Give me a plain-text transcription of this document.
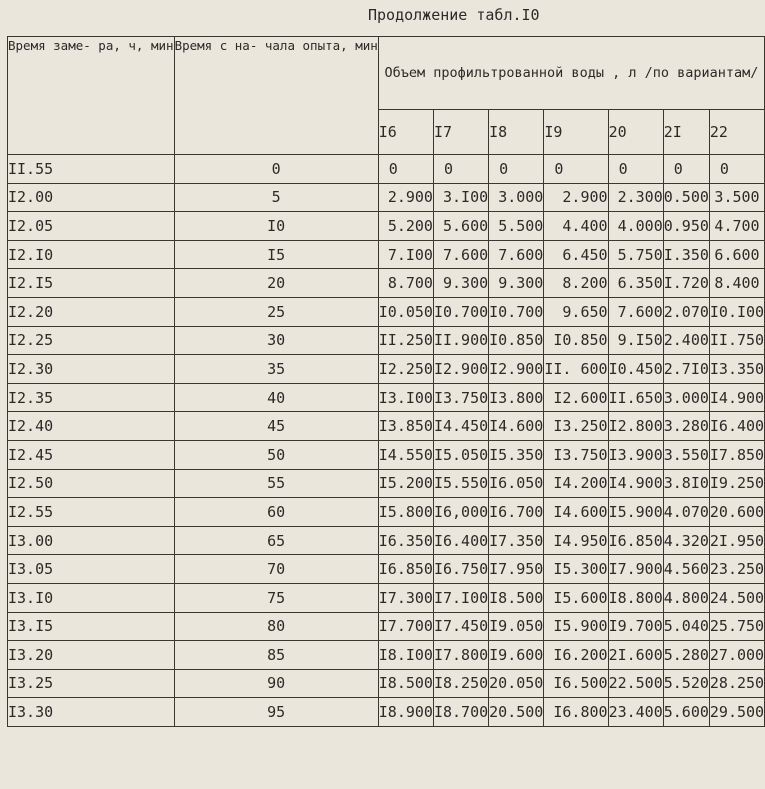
Продолжение табл.I0
Время заме- ра, ч, мин	Время с на- чала опыта, мин	Объем профильтрованной воды , л /по вариантам/						
		I6	I7	I8	I9	20	2I	22
II.55	0	0	0	0	0	0	0	0
I2.00	5	2.900	3.I00	3.000	2.900	2.300	0.500	3.500
I2.05	I0	5.200	5.600	5.500	4.400	4.000	0.950	4.700
I2.I0	I5	7.I00	7.600	7.600	6.450	5.750	I.350	6.600
I2.I5	20	8.700	9.300	9.300	8.200	6.350	I.720	8.400
I2.20	25	I0.050	I0.700	I0.700	9.650	7.600	2.070	I0.I00
I2.25	30	II.250	II.900	I0.850	I0.850	9.I50	2.400	II.750
I2.30	35	I2.250	I2.900	I2.900	II. 600	I0.450	2.7I0	I3.350
I2.35	40	I3.I00	I3.750	I3.800	I2.600	II.650	3.000	I4.900
I2.40	45	I3.850	I4.450	I4.600	I3.250	I2.800	3.280	I6.400
I2.45	50	I4.550	I5.050	I5.350	I3.750	I3.900	3.550	I7.850
I2.50	55	I5.200	I5.550	I6.050	I4.200	I4.900	3.8I0	I9.250
I2.55	60	I5.800	I6,000	I6.700	I4.600	I5.900	4.070	20.600
I3.00	65	I6.350	I6.400	I7.350	I4.950	I6.850	4.320	2I.950
I3.05	70	I6.850	I6.750	I7.950	I5.300	I7.900	4.560	23.250
I3.I0	75	I7.300	I7.I00	I8.500	I5.600	I8.800	4.800	24.500
I3.I5	80	I7.700	I7.450	I9.050	I5.900	I9.700	5.040	25.750
I3.20	85	I8.I00	I7.800	I9.600	I6.200	2I.600	5.280	27.000
I3.25	90	I8.500	I8.250	20.050	I6.500	22.500	5.520	28.250
I3.30	95	I8.900	I8.700	20.500	I6.800	23.400	5.600	29.500
